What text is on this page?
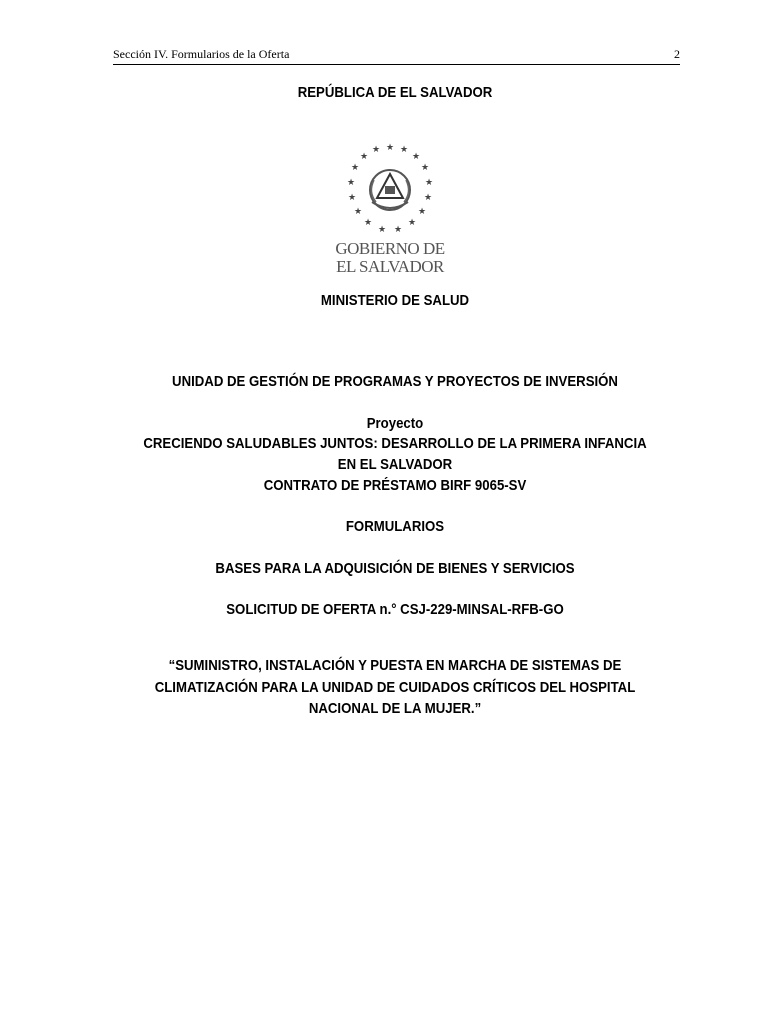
Sección IV. Formularios de la Oferta	2
REPÚBLICA DE EL SALVADOR
★ ★
★
★
★
★
★
★
★
★
★
★
★
★
★
★
★
GOBIERNO DE
EL SALVADOR
MINISTERIO DE SALUD
UNIDAD DE GESTIÓN DE PROGRAMAS Y PROYECTOS DE INVERSIÓN
Proyecto
CRECIENDO SALUDABLES JUNTOS: DESARROLLO DE LA PRIMERA INFANCIA
EN EL SALVADOR
CONTRATO DE PRÉSTAMO BIRF 9065-SV
FORMULARIOS
BASES PARA LA ADQUISICIÓN DE BIENES Y SERVICIOS
SOLICITUD DE OFERTA n.° CSJ-229-MINSAL-RFB-GO
“SUMINISTRO, INSTALACIÓN Y PUESTA EN MARCHA DE SISTEMAS DE
CLIMATIZACIÓN PARA LA UNIDAD DE CUIDADOS CRÍTICOS DEL HOSPITAL
NACIONAL DE LA MUJER.”
